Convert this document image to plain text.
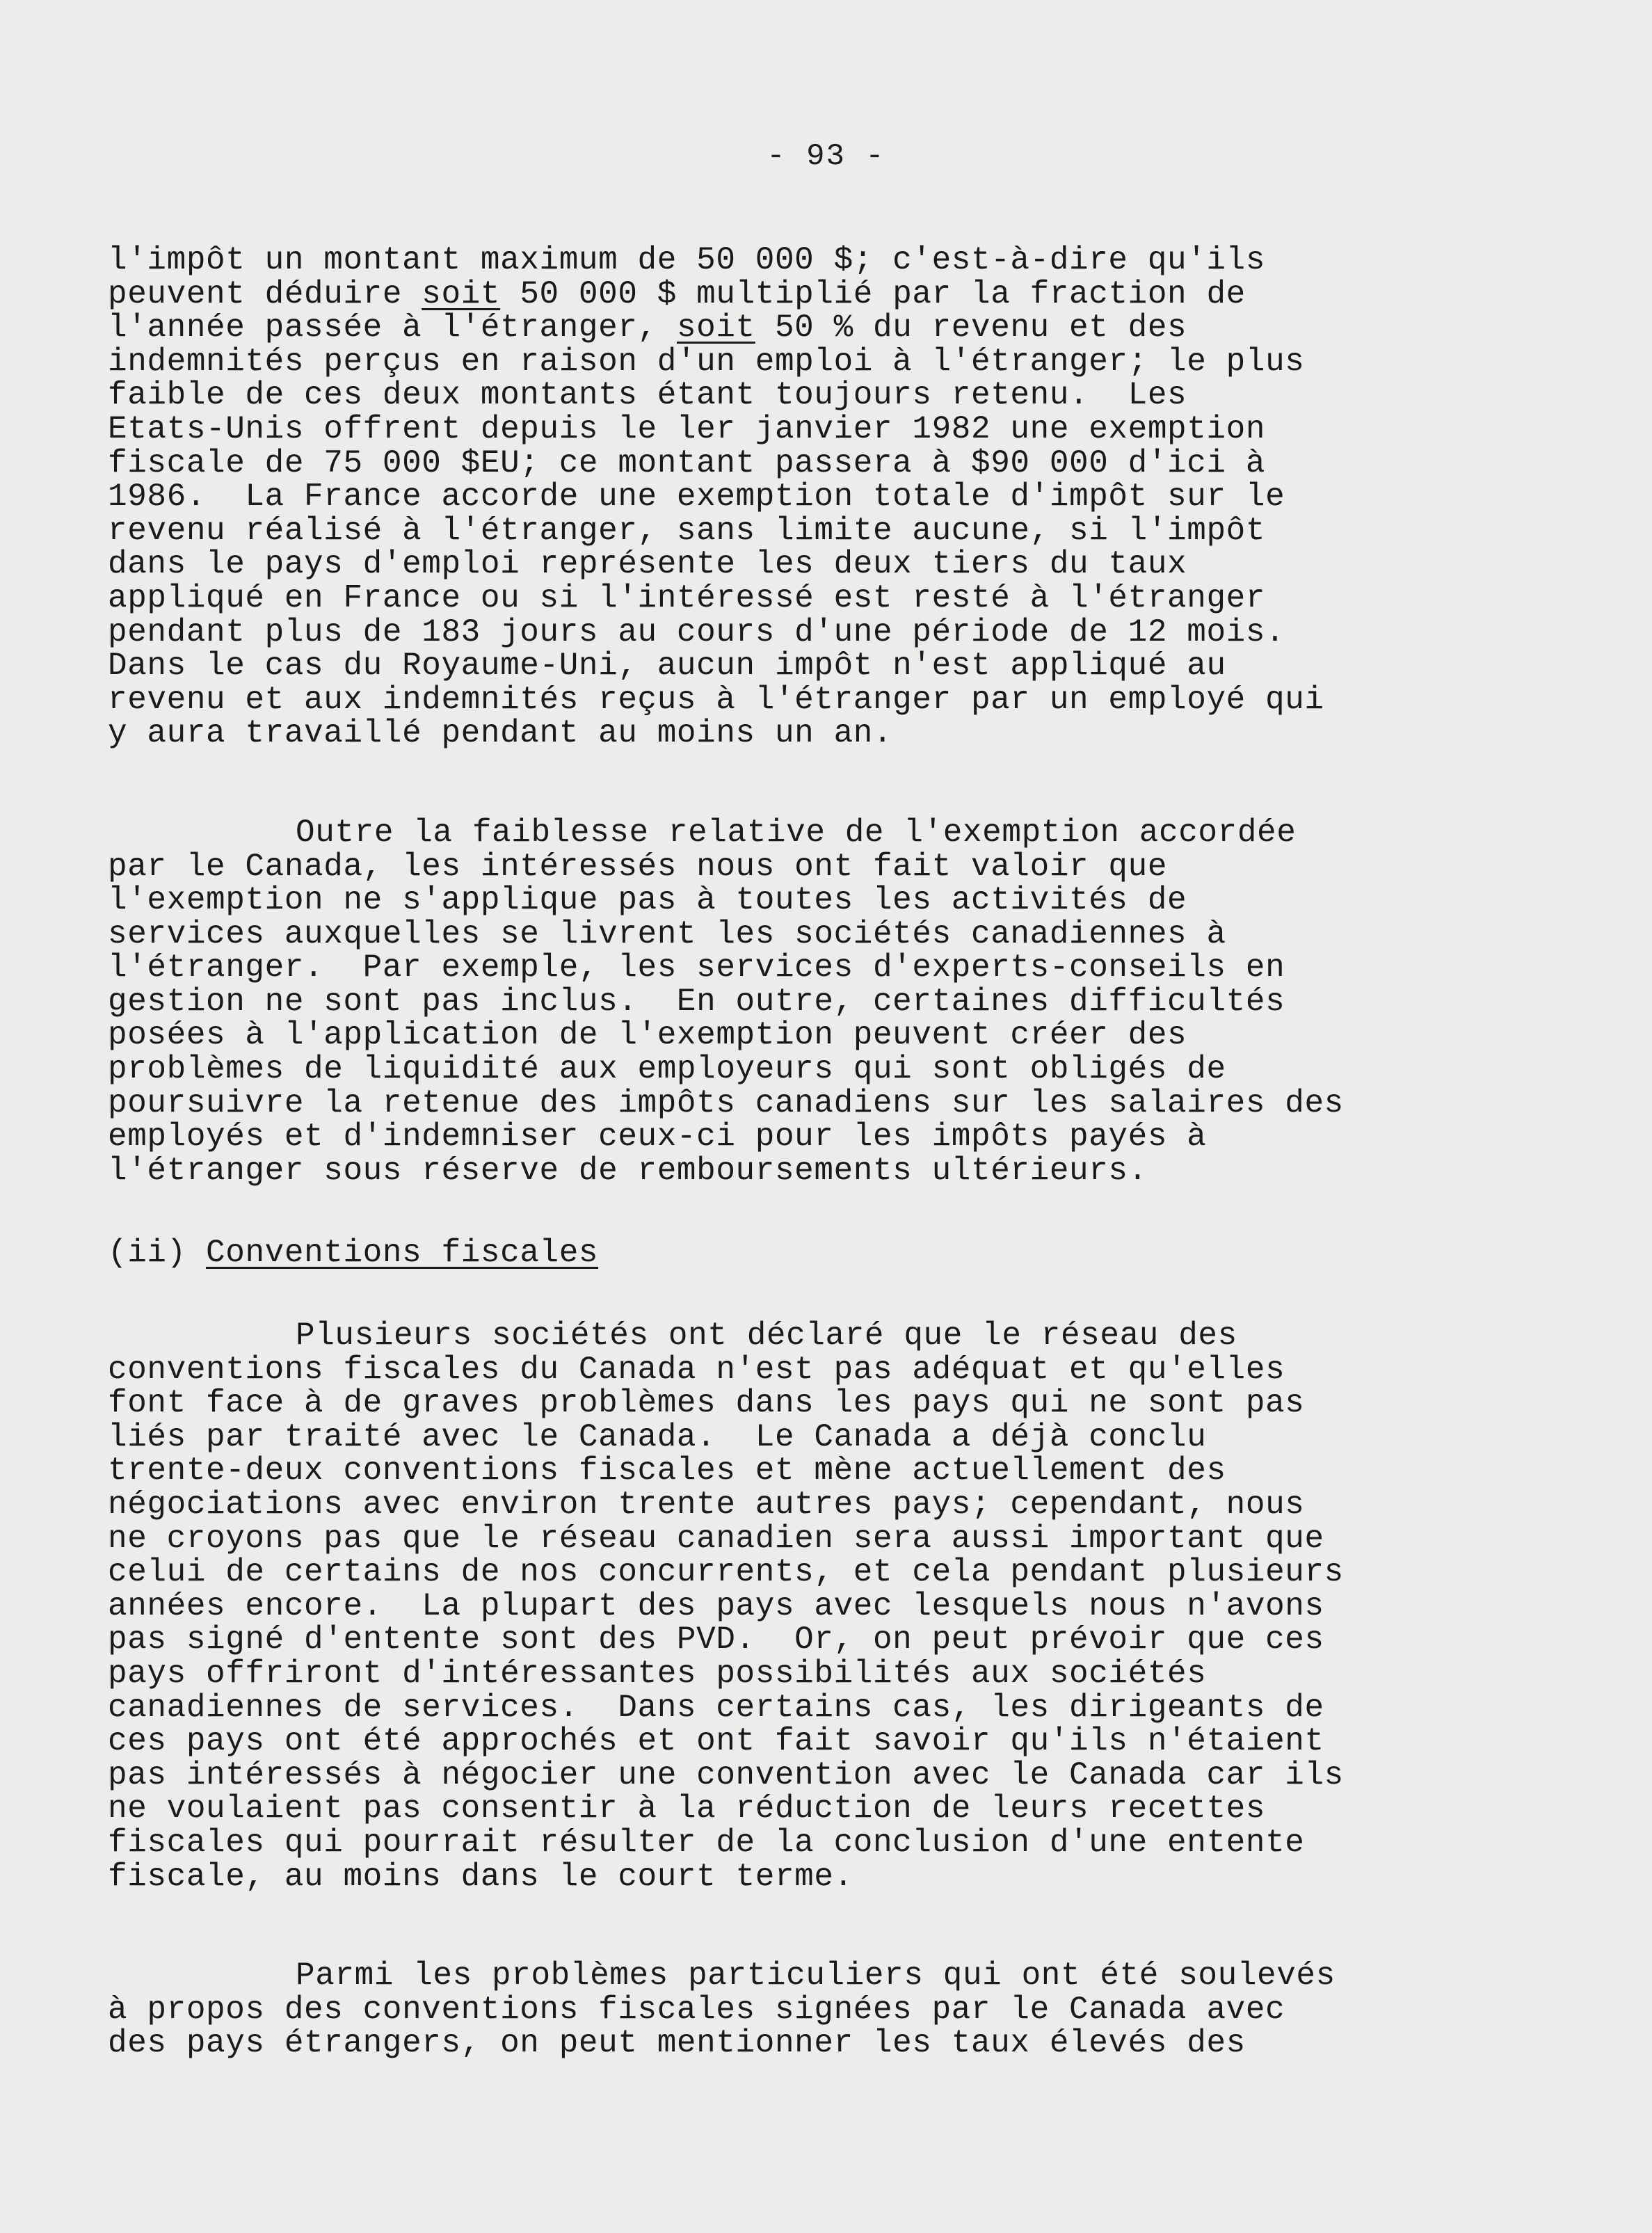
- 93 -
l'impôt un montant maximum de 50 000 $; c'est-à-dire qu'ils
peuvent déduire soit 50 000 $ multiplié par la fraction de
l'année passée à l'étranger, soit 50 % du revenu et des
indemnités perçus en raison d'un emploi à l'étranger; le plus
faible de ces deux montants étant toujours retenu.  Les
Etats-Unis offrent depuis le ler janvier 1982 une exemption
fiscale de 75 000 $EU; ce montant passera à $90 000 d'ici à
1986.  La France accorde une exemption totale d'impôt sur le
revenu réalisé à l'étranger, sans limite aucune, si l'impôt
dans le pays d'emploi représente les deux tiers du taux
appliqué en France ou si l'intéressé est resté à l'étranger
pendant plus de 183 jours au cours d'une période de 12 mois.
Dans le cas du Royaume-Uni, aucun impôt n'est appliqué au
revenu et aux indemnités reçus à l'étranger par un employé qui
y aura travaillé pendant au moins un an.
Outre la faiblesse relative de l'exemption accordée
par le Canada, les intéressés nous ont fait valoir que
l'exemption ne s'applique pas à toutes les activités de
services auxquelles se livrent les sociétés canadiennes à
l'étranger.  Par exemple, les services d'experts-conseils en
gestion ne sont pas inclus.  En outre, certaines difficultés
posées à l'application de l'exemption peuvent créer des
problèmes de liquidité aux employeurs qui sont obligés de
poursuivre la retenue des impôts canadiens sur les salaires des
employés et d'indemniser ceux-ci pour les impôts payés à
l'étranger sous réserve de remboursements ultérieurs.
(ii) Conventions fiscales
Plusieurs sociétés ont déclaré que le réseau des
conventions fiscales du Canada n'est pas adéquat et qu'elles
font face à de graves problèmes dans les pays qui ne sont pas
liés par traité avec le Canada.  Le Canada a déjà conclu
trente-deux conventions fiscales et mène actuellement des
négociations avec environ trente autres pays; cependant, nous
ne croyons pas que le réseau canadien sera aussi important que
celui de certains de nos concurrents, et cela pendant plusieurs
années encore.  La plupart des pays avec lesquels nous n'avons
pas signé d'entente sont des PVD.  Or, on peut prévoir que ces
pays offriront d'intéressantes possibilités aux sociétés
canadiennes de services.  Dans certains cas, les dirigeants de
ces pays ont été approchés et ont fait savoir qu'ils n'étaient
pas intéressés à négocier une convention avec le Canada car ils
ne voulaient pas consentir à la réduction de leurs recettes
fiscales qui pourrait résulter de la conclusion d'une entente
fiscale, au moins dans le court terme.
Parmi les problèmes particuliers qui ont été soulevés
à propos des conventions fiscales signées par le Canada avec
des pays étrangers, on peut mentionner les taux élevés des
